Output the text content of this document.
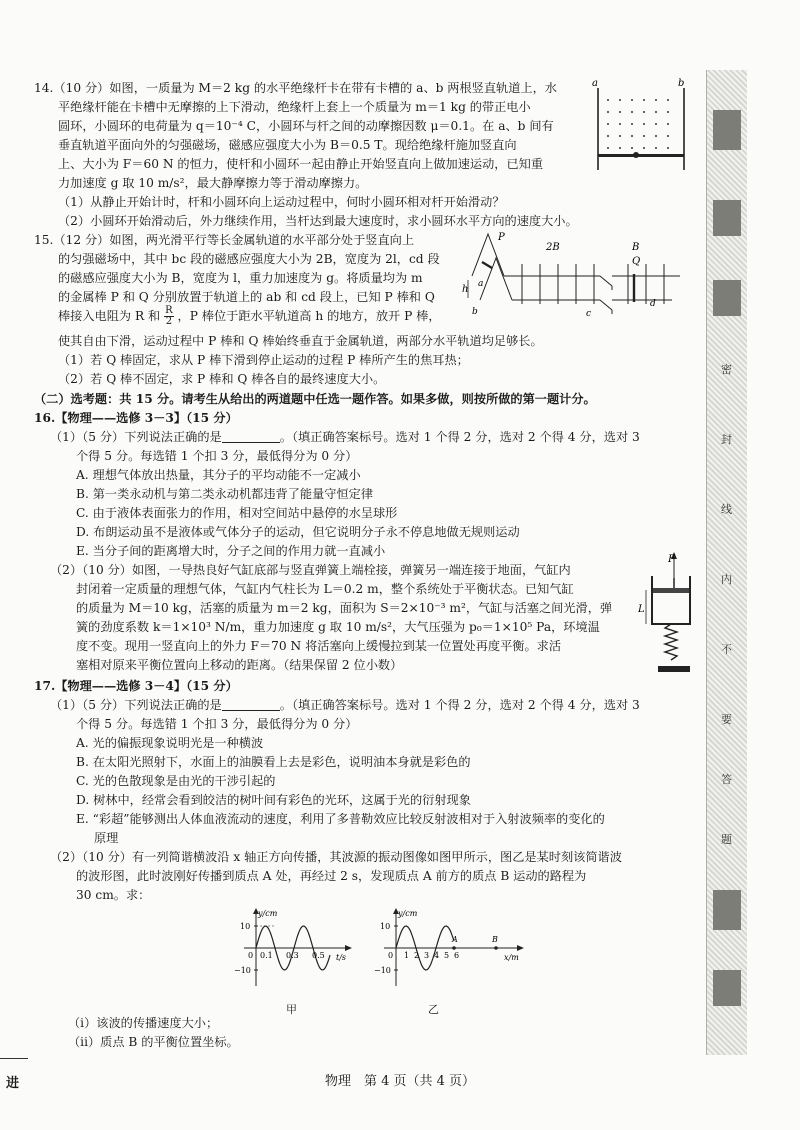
14.（10 分）如图，一质量为 M＝2 kg 的水平绝缘杆卡在带有卡槽的 a、b 两根竖直轨道上，水
平绝缘杆能在卡槽中无摩擦的上下滑动，绝缘杆上套上一个质量为 m＝1 kg 的带正电小
圆环，小圆环的电荷量为 q＝10⁻⁴ C，小圆环与杆之间的动摩擦因数 μ＝0.1。在 a、b 间有
垂直轨道平面向外的匀强磁场，磁感应强度大小为 B＝0.5 T。现给绝缘杆施加竖直向
上、大小为 F＝60 N 的恒力，使杆和小圆环一起由静止开始竖直向上做加速运动，已知重
力加速度 g 取 10 m/s²，最大静摩擦力等于滑动摩擦力。
（1）从静止开始计时，杆和小圆环向上运动过程中，何时小圆环相对杆开始滑动？
（2）小圆环开始滑动后，外力继续作用，当杆达到最大速度时，求小圆环水平方向的速度大小。
a	b
15.（12 分）如图，两光滑平行等长金属轨道的水平部分处于竖直向上
的匀强磁场中，其中 bc 段的磁感应强度大小为 2B，宽度为 2l，cd 段
的磁感应强度大小为 B，宽度为 l，重力加速度为 g。将质量均为 m
的金属棒 P 和 Q 分别放置于轨道上的 ab 和 cd 段上，已知 P 棒和 Q
棒接入电阻为 R 和 $\frac{R}{2}$ ，P 棒位于距水平轨道高 h 的地方，放开 P 棒，
使其自由下滑，运动过程中 P 棒和 Q 棒始终垂直于金属轨道，两部分水平轨道均足够长。
（1）若 Q 棒固定，求从 P 棒下滑到停止运动的过程 P 棒所产生的焦耳热；
（2）若 Q 棒不固定，求 P 棒和 Q 棒各自的最终速度大小。
P
2B	B
Q
h a
b	c
d
（二）选考题：共 15 分。请考生从给出的两道题中任选一题作答。如果多做，则按所做的第一题计分。
16.【物理——选修 3－3】（15 分）
（1）（5 分）下列说法正确的是	。（填正确答案标号。选对 1 个得 2 分，选对 2 个得 4 分，选对 3
个得 5 分。每选错 1 个扣 3 分，最低得分为 0 分）
A. 理想气体放出热量，其分子的平均动能不一定减小
B. 第一类永动机与第二类永动机都违背了能量守恒定律
C. 由于液体表面张力的作用，相对空间站中悬停的水呈球形
D. 布朗运动虽不是液体或气体分子的运动，但它说明分子永不停息地做无规则运动
E. 当分子间的距离增大时，分子之间的作用力就一直减小
（2）（10 分）如图，一导热良好气缸底部与竖直弹簧上端栓接，弹簧另一端连接于地面，气缸内
封闭着一定质量的理想气体，气缸内气柱长为 L＝0.2 m，整个系统处于平衡状态。已知气缸
的质量为 M＝10 kg，活塞的质量为 m＝2 kg，面积为 S＝2×10⁻³ m²，气缸与活塞之间光滑，弹
簧的劲度系数 k＝1×10³ N/m，重力加速度 g 取 10 m/s²，大气压强为 p₀＝1×10⁵ Pa，环境温
度不变。现用一竖直向上的外力 F＝70 N 将活塞向上缓慢拉到某一位置处再度平衡。求活
塞相对原来平衡位置向上移动的距离。（结果保留 2 位小数）
F
L
17.【物理——选修 3－4】（15 分）
（1）（5 分）下列说法正确的是	。（填正确答案标号。选对 1 个得 2 分，选对 2 个得 4 分，选对 3
个得 5 分。每选错 1 个扣 3 分，最低得分为 0 分）
A. 光的偏振现象说明光是一种横波
B. 在太阳光照射下，水面上的油膜看上去是彩色，说明油本身就是彩色的
C. 光的色散现象是由光的干涉引起的
D. 树林中，经常会看到皎洁的树叶间有彩色的光环，这属于光的衍射现象
E. “彩超”能够测出人体血液流动的速度，利用了多普勒效应比较反射波相对于入射波频率的变化的
原理
（2）（10 分）有一列简谐横波沿 x 轴正方向传播，其波源的振动图像如图甲所示，图乙是某时刻该简谐波
的波形图，此时波刚好传播到质点 A 处，再经过 2 s，发现质点 A 前方的质点 B 运动的路程为
30 cm。求：
y/cm
t/s
10
−10
0 0.1 0.3 0.5
甲
y/cm
x/m
10
−10
0 1 2 3 4 5 6
A	B
乙
（i）该波的传播速度大小；
（ii）质点 B 的平衡位置坐标。
密
封
线
内
不
要
答
题
进	物理　第 4 页（共 4 页）
